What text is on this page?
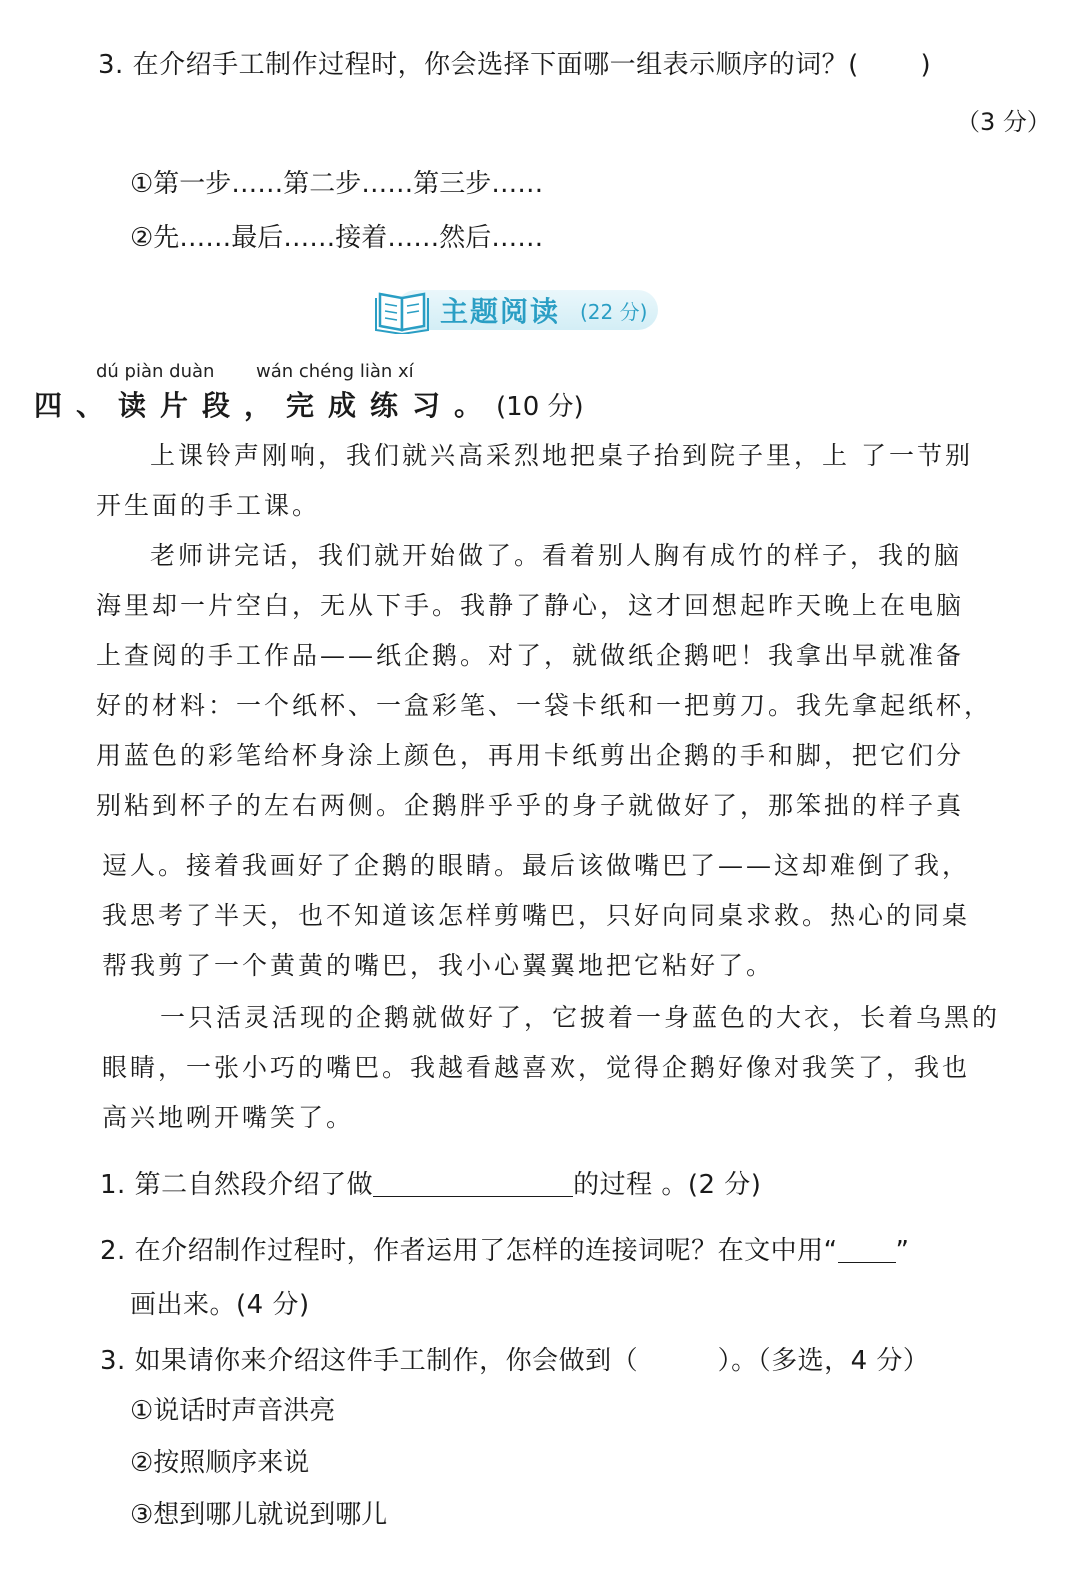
3. 在介绍手工制作过程时，你会选择下面哪一组表示顺序的词？(　　 )
（3 分）
①第一步……第二步……第三步……
②先……最后……接着……然后……
主题阅读 (22 分)
dú piàn duàn wán chéng liàn xí
四、读片段，完成练习。(10 分)
上课铃声刚响，我们就兴高采烈地把桌子抬到院子里，上 了一节别
开生面的手工课。
老师讲完话，我们就开始做了。看着别人胸有成竹的样子，我的脑
海里却一片空白，无从下手。我静了静心，这才回想起昨天晚上在电脑
上查阅的手工作品——纸企鹅。对了，就做纸企鹅吧！我拿出早就准备
好的材料：一个纸杯、一盒彩笔、一袋卡纸和一把剪刀。我先拿起纸杯，
用蓝色的彩笔给杯身涂上颜色，再用卡纸剪出企鹅的手和脚，把它们分
别粘到杯子的左右两侧。企鹅胖乎乎的身子就做好了，那笨拙的样子真
逗人。接着我画好了企鹅的眼睛。最后该做嘴巴了——这却难倒了我，
我思考了半天，也不知道该怎样剪嘴巴，只好向同桌求救。热心的同桌
帮我剪了一个黄黄的嘴巴，我小心翼翼地把它粘好了。
一只活灵活现的企鹅就做好了，它披着一身蓝色的大衣，长着乌黑的
眼睛，一张小巧的嘴巴。我越看越喜欢，觉得企鹅好像对我笑了，我也
高兴地咧开嘴笑了。
1. 第二自然段介绍了做	的过程 。(2 分)
2. 在介绍制作过程时，作者运用了怎样的连接词呢？在文中用“ ”
画出来。(4 分)
3. 如果请你来介绍这件手工制作，你会做到（　　　）。（多选，4 分）
①说话时声音洪亮
②按照顺序来说
③想到哪儿就说到哪儿
